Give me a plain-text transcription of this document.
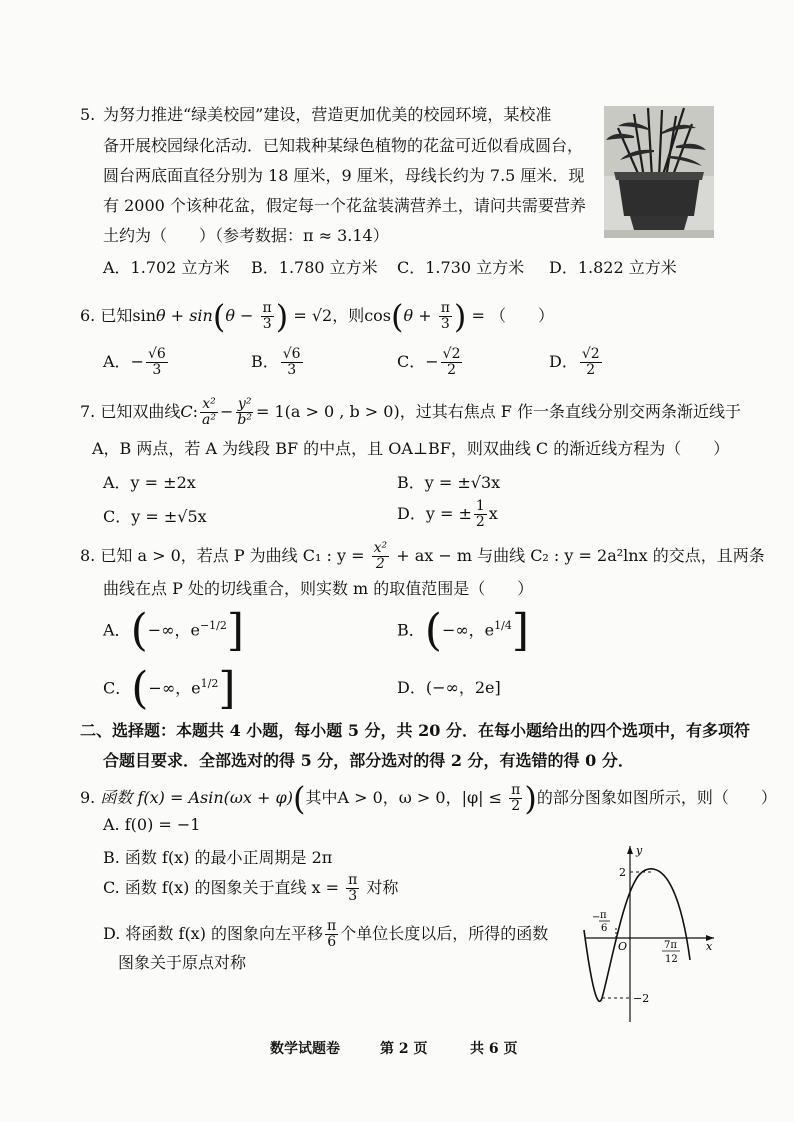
5. 为努力推进“绿美校园”建设，营造更加优美的校园环境，某校准
备开展校园绿化活动．已知栽种某绿色植物的花盆可近似看成圆台，
圆台两底面直径分别为 18 厘米，9 厘米，母线长约为 7.5 厘米．现
有 2000 个该种花盆，假定每一个花盆装满营养土，请问共需要营养
土约为（　　）（参考数据：π ≈ 3.14）
A．1.702 立方米 B．1.780 立方米 C．1.730 立方米 D．1.822 立方米
6. 已知$\sin\theta + \sin(\theta - \frac{\pi}{3}$ ) = √2，则$\cos(\theta + \frac{\pi}{3}$ ) = （　　）
A．− $\frac{√6}{3}$	B． $\frac{√6}{3}$	C．− $\frac{√2}{2}$	D． $\frac{√2}{2}$
7. 已知双曲线C: $\frac{\text{x²}}{\text{a²}} - \frac{\text{y²}}{\text{b²}} = 1(a > 0$ , b > 0)，过其右焦点 F 作一条直线分别交两条渐近线于
A，B 两点，若 A 为线段 BF 的中点，且 OA⊥BF，则双曲线 C 的渐近线方程为（　　）
A．y = ±2x	B．y = ±√3x
C．y = ±√5x	D．y = ± $\frac{1}{2}$ x
8. 已知 a > 0，若点 P 为曲线 C₁ : $y = \frac{\text{x²}}{2}$ + ax − m 与曲线 C₂ : y = 2a²lnx 的交点，且两条
曲线在点 P 处的切线重合，则实数 m 的取值范围是（　　）
A．(−∞，$e^{-1/2}$]	B．(−∞，$e^{1/4}$]
C．(−∞，$e^{1/2}$]	D．(−∞，2e]
二、选择题：本题共 4 小题，每小题 5 分，共 20 分．在每小题给出的四个选项中，有多项符
合题目要求．全部选对的得 5 分，部分选对的得 2 分，有选错的得 0 分．
9. 函数 f(x) = Asin(ωx + φ)(其中A > 0，ω > 0，$|\varphi| \le \frac{\pi}{2}$ )的部分图象如图所示，则（　　）
A. f(0) = −1
B. 函数 f(x) 的最小正周期是 2π
C. 函数 f(x) 的图象关于直线 $x = \frac{\pi}{3}$ 对称
D. 将函数 f(x) 的图象向左平移 $\frac{\pi}{6}$ 个单位长度以后，所得的函数
图象关于原点对称
y
x
2
−2
O
− π
6
7π
12
数学试题卷	第 2 页	共 6 页
